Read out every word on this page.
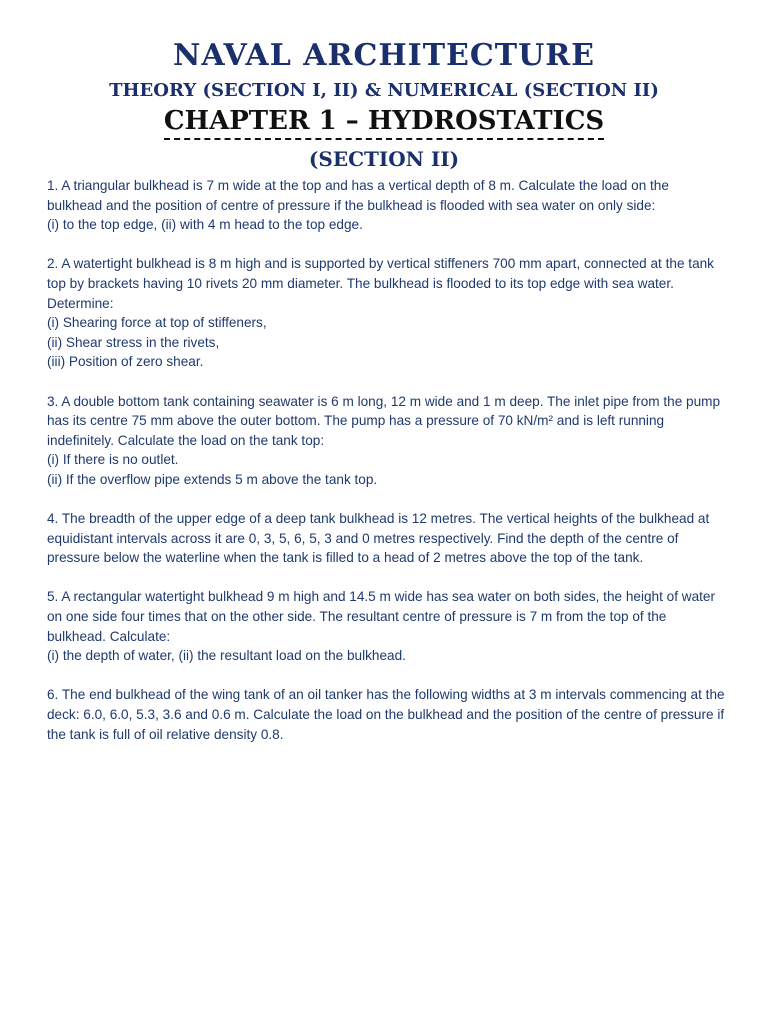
NAVAL ARCHITECTURE
THEORY (SECTION I, II) & NUMERICAL (SECTION II)
CHAPTER 1 – HYDROSTATICS
(SECTION II)
1. A triangular bulkhead is 7 m wide at the top and has a vertical depth of 8 m. Calculate the load on the bulkhead and the position of centre of pressure if the bulkhead is flooded with sea water on only side:
(i) to the top edge, (ii) with 4 m head to the top edge.
2. A watertight bulkhead is 8 m high and is supported by vertical stiffeners 700 mm apart, connected at the tank top by brackets having 10 rivets 20 mm diameter. The bulkhead is flooded to its top edge with sea water. Determine:
(i) Shearing force at top of stiffeners,
(ii) Shear stress in the rivets,
(iii) Position of zero shear.
3. A double bottom tank containing seawater is 6 m long, 12 m wide and 1 m deep. The inlet pipe from the pump has its centre 75 mm above the outer bottom. The pump has a pressure of 70 kN/m² and is left running indefinitely. Calculate the load on the tank top:
(i) If there is no outlet.
(ii) If the overflow pipe extends 5 m above the tank top.
4. The breadth of the upper edge of a deep tank bulkhead is 12 metres. The vertical heights of the bulkhead at equidistant intervals across it are 0, 3, 5, 6, 5, 3 and 0 metres respectively. Find the depth of the centre of pressure below the waterline when the tank is filled to a head of 2 metres above the top of the tank.
5. A rectangular watertight bulkhead 9 m high and 14.5 m wide has sea water on both sides, the height of water on one side four times that on the other side. The resultant centre of pressure is 7 m from the top of the bulkhead. Calculate:
(i) the depth of water, (ii) the resultant load on the bulkhead.
6. The end bulkhead of the wing tank of an oil tanker has the following widths at 3 m intervals commencing at the deck: 6.0, 6.0, 5.3, 3.6 and 0.6 m. Calculate the load on the bulkhead and the position of the centre of pressure if the tank is full of oil relative density 0.8.
